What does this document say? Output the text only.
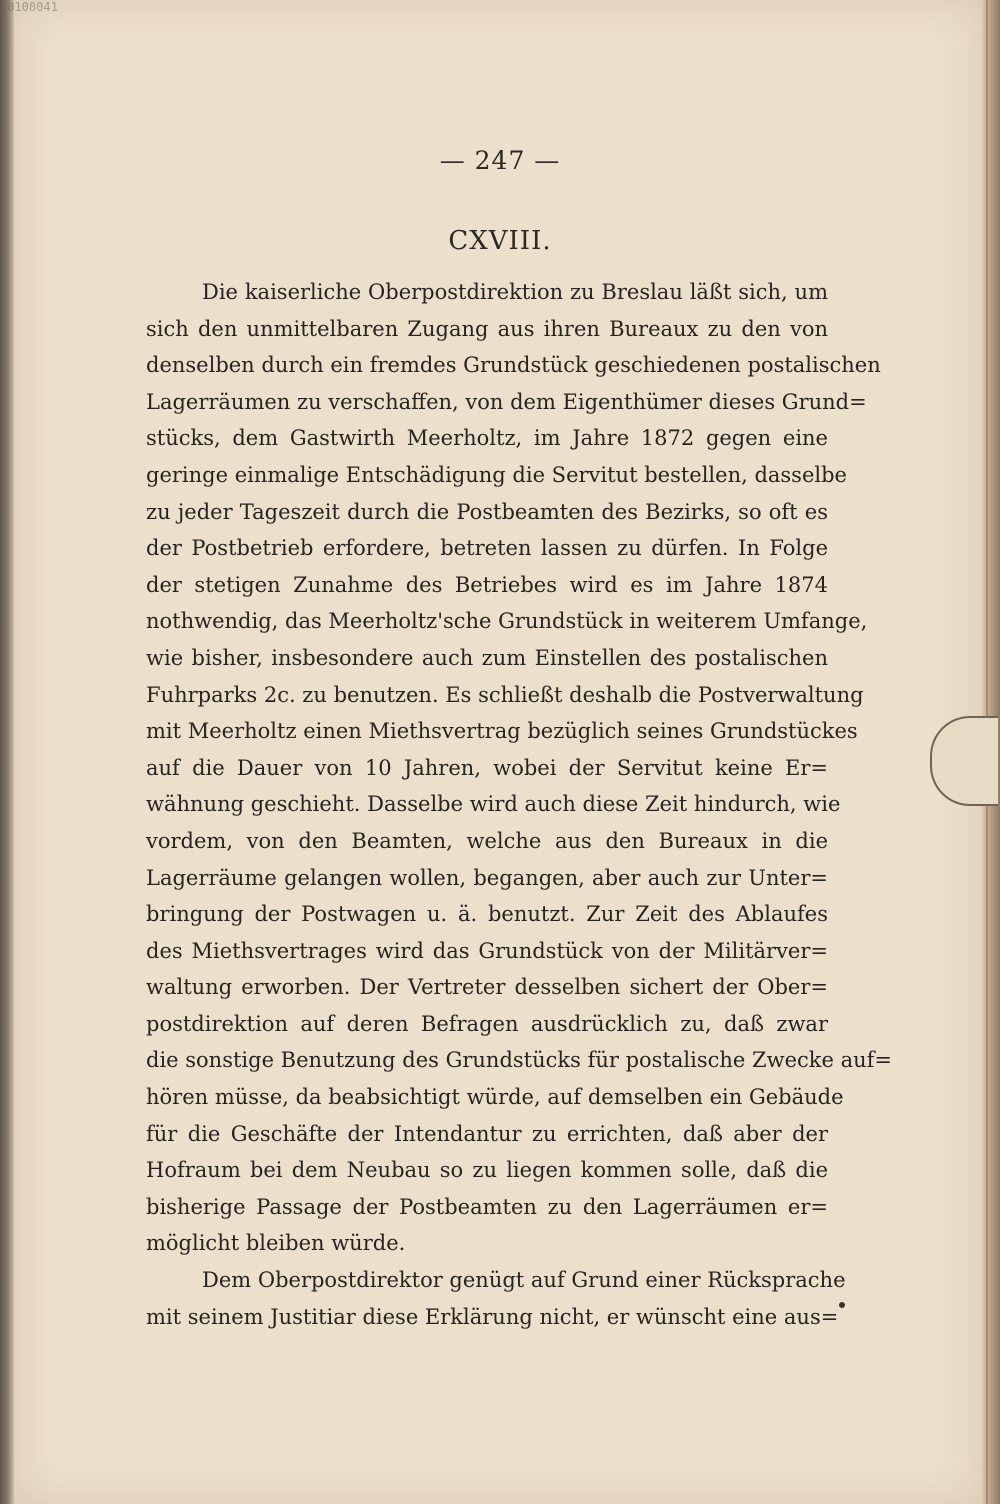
00108041
— 247 —
CXVIII.
Die kaiserliche Oberpostdirektion zu Breslau läßt sich, um
sich den unmittelbaren Zugang aus ihren Bureaux zu den von
denselben durch ein fremdes Grundstück geschiedenen postalischen
Lagerräumen zu verschaffen, von dem Eigenthümer dieses Grund=
stücks, dem Gastwirth Meerholtz, im Jahre 1872 gegen eine
geringe einmalige Entschädigung die Servitut bestellen, dasselbe
zu jeder Tageszeit durch die Postbeamten des Bezirks, so oft es
der Postbetrieb erfordere, betreten lassen zu dürfen. In Folge
der stetigen Zunahme des Betriebes wird es im Jahre 1874
nothwendig, das Meerholtz'sche Grundstück in weiterem Umfange,
wie bisher, insbesondere auch zum Einstellen des postalischen
Fuhrparks 2c. zu benutzen. Es schließt deshalb die Postverwaltung
mit Meerholtz einen Miethsvertrag bezüglich seines Grundstückes
auf die Dauer von 10 Jahren, wobei der Servitut keine Er=
wähnung geschieht. Dasselbe wird auch diese Zeit hindurch, wie
vordem, von den Beamten, welche aus den Bureaux in die
Lagerräume gelangen wollen, begangen, aber auch zur Unter=
bringung der Postwagen u. ä. benutzt. Zur Zeit des Ablaufes
des Miethsvertrages wird das Grundstück von der Militärver=
waltung erworben. Der Vertreter desselben sichert der Ober=
postdirektion auf deren Befragen ausdrücklich zu, daß zwar
die sonstige Benutzung des Grundstücks für postalische Zwecke auf=
hören müsse, da beabsichtigt würde, auf demselben ein Gebäude
für die Geschäfte der Intendantur zu errichten, daß aber der
Hofraum bei dem Neubau so zu liegen kommen solle, daß die
bisherige Passage der Postbeamten zu den Lagerräumen er=
möglicht bleiben würde.
Dem Oberpostdirektor genügt auf Grund einer Rücksprache
mit seinem Justitiar diese Erklärung nicht, er wünscht eine aus=
